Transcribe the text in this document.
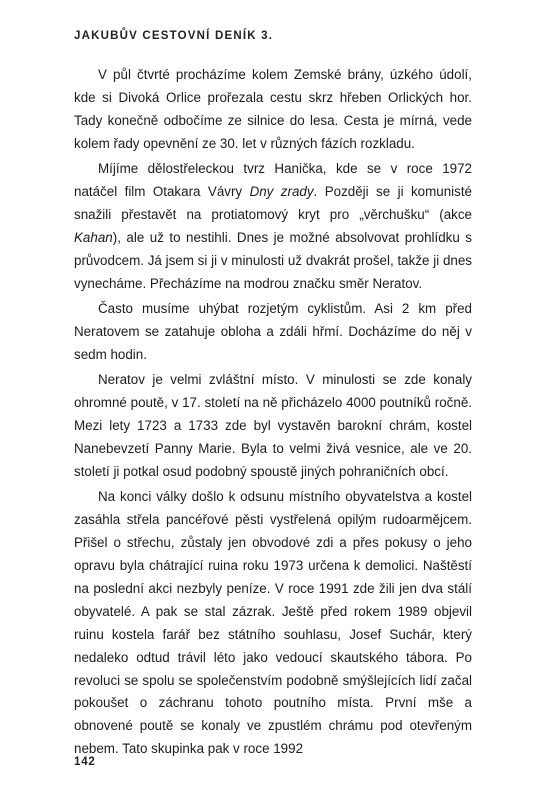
JAKUBŮV CESTOVNÍ DENÍK 3.

V půl čtvrté procházíme kolem Zemské brány, úzkého údolí, kde si Divoká Orlice prořezala cestu skrz hřeben Orlických hor. Tady konečně odbočíme ze silnice do lesa. Cesta je mírná, vede kolem řady opevnění ze 30. let v různých fázích rozkladu.

Míjíme dělostřeleckou tvrz Hanička, kde se v roce 1972 natáčel film Otakara Vávry Dny zrady. Později se ji komunisté snažili přestavět na protiatomový kryt pro „věrchušku“ (akce Kahan), ale už to nestihli. Dnes je možné absolvovat prohlídku s průvodcem. Já jsem si ji v minulosti už dvakrát prošel, takže ji dnes vynecháme. Přecházíme na modrou značku směr Neratov.

Často musíme uhýbat rozjetým cyklistům. Asi 2 km před Neratovem se zatahuje obloha a zdáli hřmí. Docházíme do něj v sedm hodin.

Neratov je velmi zvláštní místo. V minulosti se zde konaly ohromné poutě, v 17. století na ně přicházelo 4000 poutníků ročně. Mezi lety 1723 a 1733 zde byl vystavěn barokní chrám, kostel Nanebevzetí Panny Marie. Byla to velmi živá vesnice, ale ve 20. století ji potkal osud podobný spoustě jiných pohraničních obcí.

Na konci války došlo k odsunu místního obyvatelstva a kostel zasáhla střela pancéřové pěsti vystřelená opilým rudoarmějcem. Přišel o střechu, zůstaly jen obvodové zdi a přes pokusy o jeho opravu byla chátrající ruina roku 1973 určena k demolici. Naštěstí na poslední akci nezbyly peníze. V roce 1991 zde žili jen dva stálí obyvatelé. A pak se stal zázrak. Ještě před rokem 1989 objevil ruinu kostela farář bez státního souhlasu, Josef Suchár, který nedaleko odtud trávil léto jako vedoucí skautského tábora. Po revoluci se spolu se společenstvím podobně smýšlejících lidí začal pokoušet o záchranu tohoto poutního místa. První mše a obnovené poutě se konaly ve zpustlém chrámu pod otevřeným nebem. Tato skupinka pak v roce 1992

142
